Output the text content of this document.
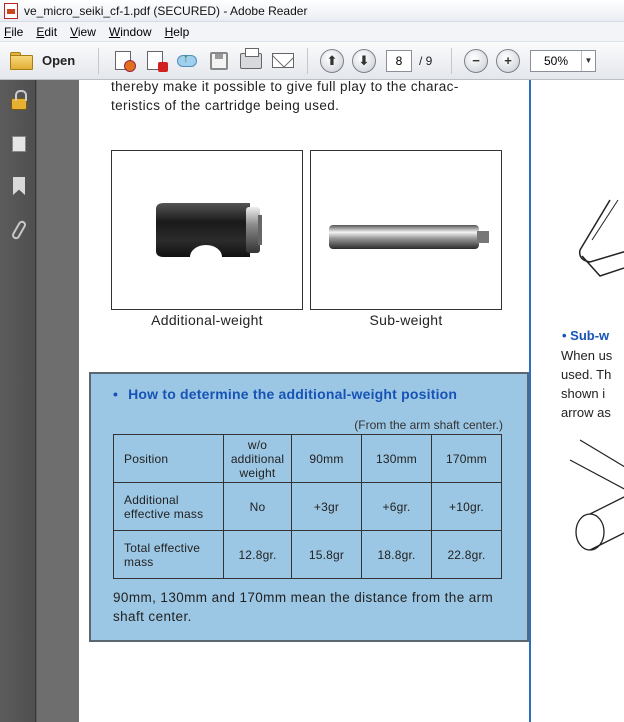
ve_micro_seiki_cf-1.pdf (SECURED) - Adobe Reader
File Edit View Window Help
Open ↑	⬆	⬇	8	/ 9	−	+	50%	▼
thereby make it possible to give full play to the charac-
teristics of the cartridge being used.
Additional-weight	Sub-weight
• How to determine the additional-weight position
(From the arm shaft center.)
Position	w/o additional weight	90mm	130mm	170mm
Additional effective mass	No	+3gr	+6gr.	+10gr.
Total effective mass	12.8gr.	15.8gr	18.8gr.	22.8gr.
90mm, 130mm and 170mm mean the distance from the arm shaft center.
• Sub-w
When us
used. Th
shown i
arrow as
